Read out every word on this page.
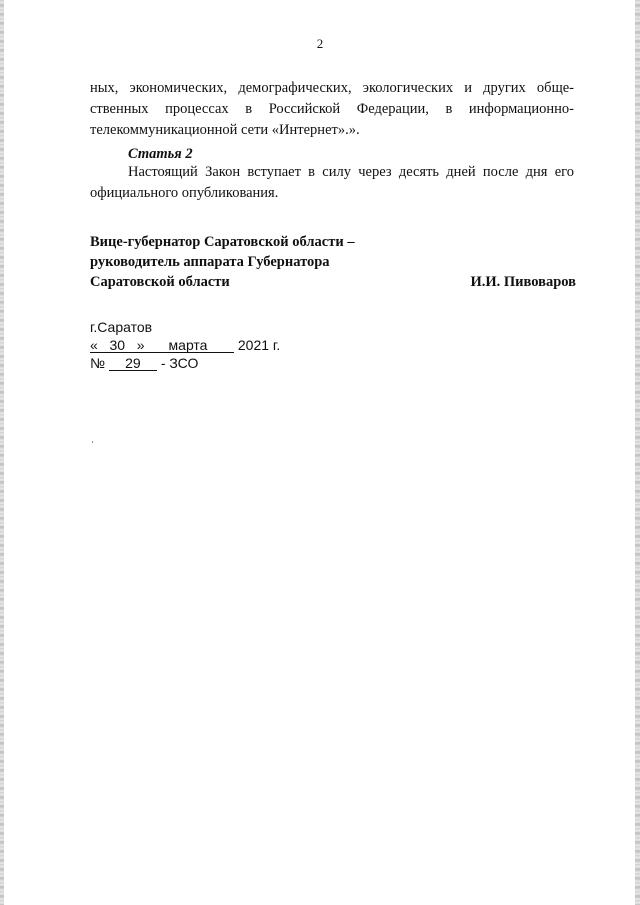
2
ных, экономических, демографических, экологических и других обще-
ственных процессах в Российской Федерации, в информационно-
телекоммуникационной сети «Интернет».».
Статья 2
Настоящий Закон вступает в силу через десять дней после дня его
официального опубликования.
Вице-губернатор Саратовской области –
руководитель аппарата Губернатора
Саратовской области	И.И. Пивоваров
г.Саратов
« 30 » марта 2021 г.
№ 29 - ЗСО
